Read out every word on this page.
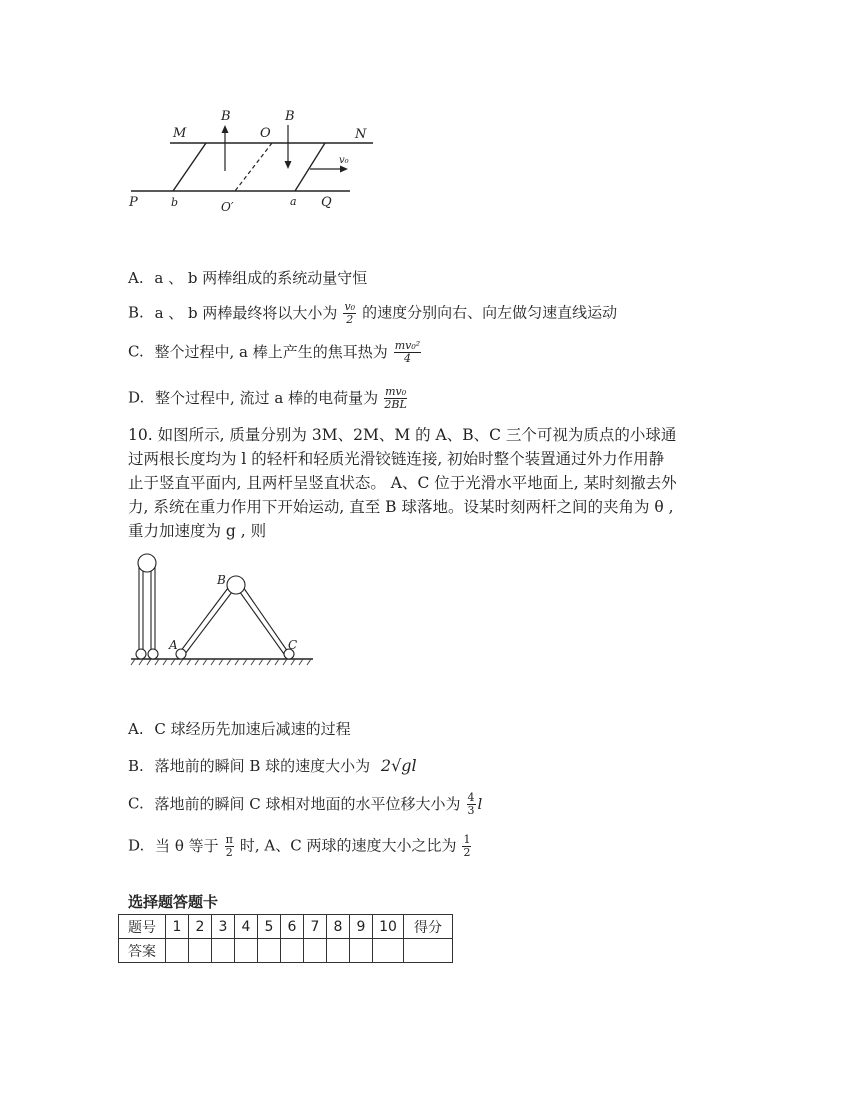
M
B
O
B
N
v₀
P	b	O′	a Q
A. a 、 b 两棒组成的系统动量守恒
B. a 、 b 两棒最终将以大小为 $\frac{\text{v₀}}{2}$ 的速度分别向右、向左做匀速直线运动
C. 整个过程中, a 棒上产生的焦耳热为 $\frac{\text{mv₀²}}{4}$
D. 整个过程中, 流过 a 棒的电荷量为 $\frac{\text{mv₀}}{2BL}$
10. 如图所示, 质量分别为 3M、2M、M 的 A、B、C 三个可视为质点的小球通
过两根长度均为 l 的轻杆和轻质光滑铰链连接, 初始时整个装置通过外力作用静
止于竖直平面内, 且两杆呈竖直状态。 A、C 位于光滑水平地面上, 某时刻撤去外
力, 系统在重力作用下开始运动, 直至 B 球落地。设某时刻两杆之间的夹角为 θ ,
重力加速度为 g , 则
A
B
C
A. C 球经历先加速后减速的过程
B. 落地前的瞬间 B 球的速度大小为 2√gl
C. 落地前的瞬间 C 球相对地面的水平位移大小为 $\frac{4}{3}$ l
D. 当 θ 等于 $\frac{\pi}{2}$ 时, A、C 两球的速度大小之比为 $\frac{1}{2}$
选择题答题卡
题号	1	2	3	4	5	6	7	8	9	10	得分
答案											
